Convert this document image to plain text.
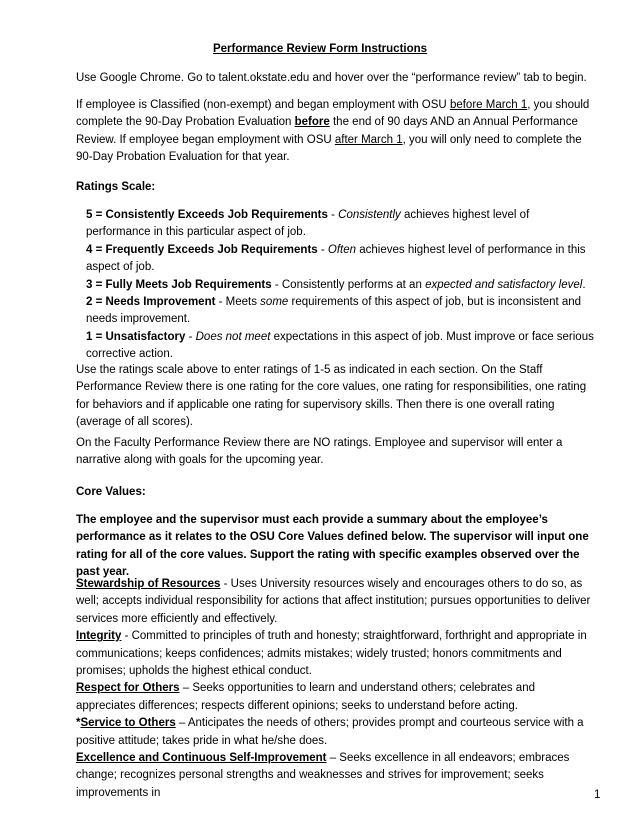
Performance Review Form Instructions

Use Google Chrome. Go to talent.okstate.edu and hover over the “performance review” tab to begin.

If employee is Classified (non-exempt) and began employment with OSU before March 1, you should complete the 90-Day Probation Evaluation before the end of 90 days AND an Annual Performance Review. If employee began employment with OSU after March 1, you will only need to complete the 90-Day Probation Evaluation for that year.

Ratings Scale:

5 = Consistently Exceeds Job Requirements - Consistently achieves highest level of performance in this particular aspect of job.

4 = Frequently Exceeds Job Requirements - Often achieves highest level of performance in this aspect of job.

3 = Fully Meets Job Requirements - Consistently performs at an expected and satisfactory level.

2 = Needs Improvement - Meets some requirements of this aspect of job, but is inconsistent and needs improvement.

1 = Unsatisfactory - Does not meet expectations in this aspect of job. Must improve or face serious corrective action.

Use the ratings scale above to enter ratings of 1-5 as indicated in each section. On the Staff Performance Review there is one rating for the core values, one rating for responsibilities, one rating for behaviors and if applicable one rating for supervisory skills. Then there is one overall rating (average of all scores).

On the Faculty Performance Review there are NO ratings. Employee and supervisor will enter a narrative along with goals for the upcoming year.

Core Values:

The employee and the supervisor must each provide a summary about the employee’s performance as it relates to the OSU Core Values defined below. The supervisor will input one rating for all of the core values. Support the rating with specific examples observed over the past year.

Stewardship of Resources - Uses University resources wisely and encourages others to do so, as well; accepts individual responsibility for actions that affect institution; pursues opportunities to deliver services more efficiently and effectively.

Integrity - Committed to principles of truth and honesty; straightforward, forthright and appropriate in communications; keeps confidences; admits mistakes; widely trusted; honors commitments and promises; upholds the highest ethical conduct.

Respect for Others – Seeks opportunities to learn and understand others; celebrates and appreciates differences; respects different opinions; seeks to understand before acting.

*Service to Others – Anticipates the needs of others; provides prompt and courteous service with a positive attitude; takes pride in what he/she does.

Excellence and Continuous Self-Improvement – Seeks excellence in all endeavors; embraces change; recognizes personal strengths and weaknesses and strives for improvement; seeks improvements in	1
